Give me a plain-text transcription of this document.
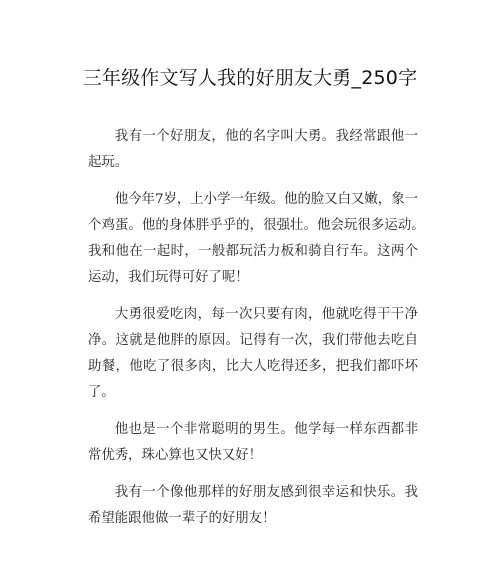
三年级作文写人我的好朋友大勇_250字

我有一个好朋友，他的名字叫大勇。我经常跟他一起玩。

他今年7岁，上小学一年级。他的脸又白又嫩，象一个鸡蛋。他的身体胖乎乎的，很强壮。他会玩很多运动。　我和他在一起时，一般都玩活力板和骑自行车。这两个运动，我们玩得可好了呢！

大勇很爱吃肉，每一次只要有肉，他就吃得干干净净。这就是他胖的原因。记得有一次，我们带他去吃自助餐，他吃了很多肉，比大人吃得还多，把我们都吓坏了。

他也是一个非常聪明的男生。他学每一样东西都非常优秀，珠心算也又快又好！

我有一个像他那样的好朋友感到很幸运和快乐。我希望能跟他做一辈子的好朋友！
